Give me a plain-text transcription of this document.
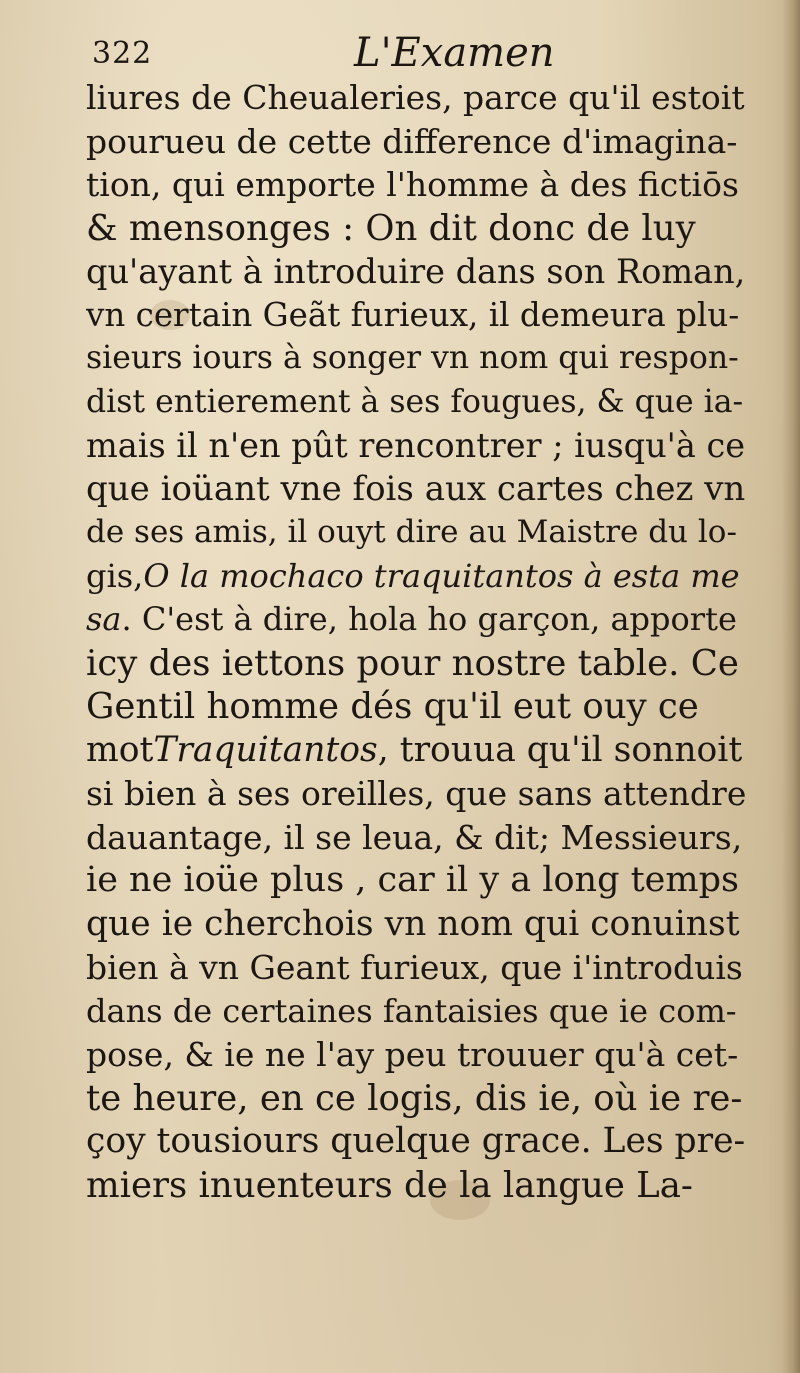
322	L'Examen
liures de Cheualeries, parce qu'il estoit
pourueu de cette difference d'imagina-
tion, qui emporte l'homme à des fictiōs
& mensonges : On dit donc de luy
qu'ayant à introduire dans son Roman,
vn certain Geãt furieux, il demeura plu-
sieurs iours à songer vn nom qui respon-
dist entierement à ses fougues, & que ia-
mais il n'en pût rencontrer ; iusqu'à ce
que ioüant vne fois aux cartes chez vn
de ses amis, il ouyt dire au Maistre du lo-
gis, O la mochaco traquitantos à esta me
sa . C'est à dire, hola ho garçon, apporte
icy des iettons pour nostre table. Ce
Gentil homme dés qu'il eut ouy ce
mot Traquitantos , trouua qu'il sonnoit
si bien à ses oreilles, que sans attendre
dauantage, il se leua, & dit; Messieurs,
ie ne ioüe plus , car il y a long temps
que ie cherchois vn nom qui conuinst
bien à vn Geant furieux, que i'introduis
dans de certaines fantaisies que ie com-
pose, & ie ne l'ay peu trouuer qu'à cet-
te heure, en ce logis, dis ie, où ie re-
çoy tousiours quelque grace. Les pre-
miers inuenteurs de la langue La-
